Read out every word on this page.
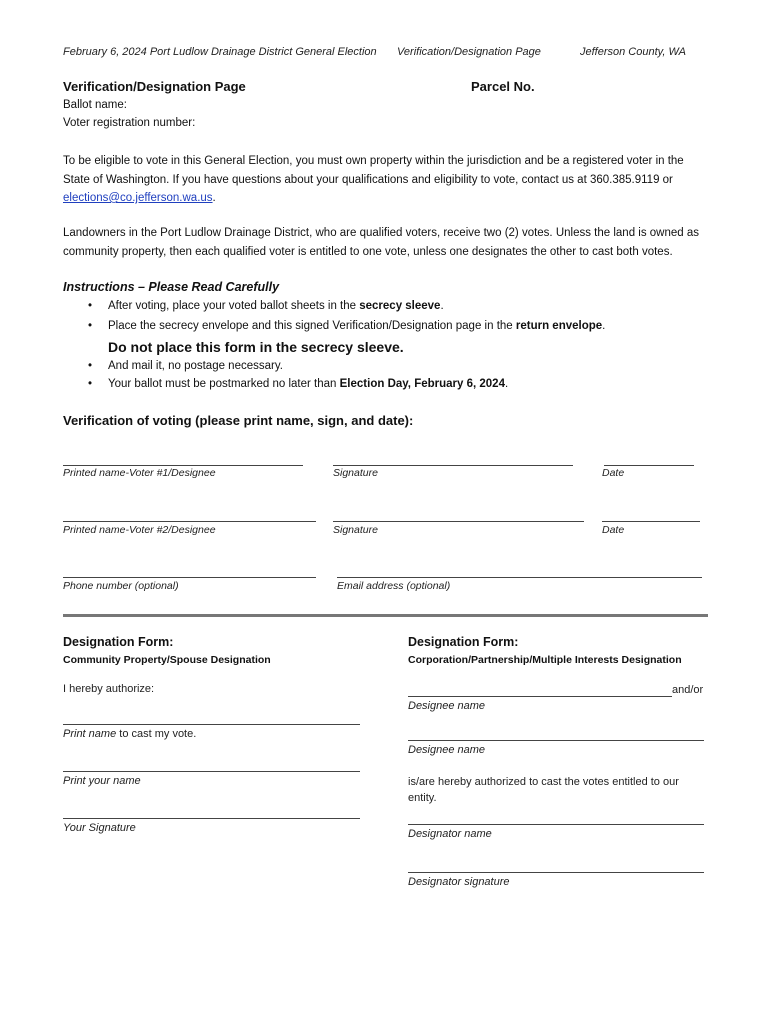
February 6, 2024 Port Ludlow Drainage District General Election Verification/Designation Page	Jefferson County, WA
Verification/Designation Page	Parcel No.
Ballot name:
Voter registration number:
To be eligible to vote in this General Election, you must own property within the jurisdiction and be a registered voter in the State of Washington. If you have questions about your qualifications and eligibility to vote, contact us at 360.385.9119 or elections@co.jefferson.wa.us.
Landowners in the Port Ludlow Drainage District, who are qualified voters, receive two (2) votes. Unless the land is owned as community property, then each qualified voter is entitled to one vote, unless one designates the other to cast both votes.
Instructions – Please Read Carefully
• After voting, place your voted ballot sheets in the secrecy sleeve.
• Place the secrecy envelope and this signed Verification/Designation page in the return envelope.
Do not place this form in the secrecy sleeve.
• And mail it, no postage necessary.
• Your ballot must be postmarked no later than Election Day, February 6, 2024.
Verification of voting (please print name, sign, and date):
Printed name-Voter #1/Designee	Signature	Date
Printed name-Voter #2/Designee	Signature	Date
Phone number (optional)	Email address (optional)
Designation Form:
Community Property/Spouse Designation
I hereby authorize:
Print name to cast my vote.
Print your name
Your Signature
Designation Form:
Corporation/Partnership/Multiple Interests Designation
and/or
Designee name
Designee name
is/are hereby authorized to cast the votes entitled to our entity.
Designator name
Designator signature
